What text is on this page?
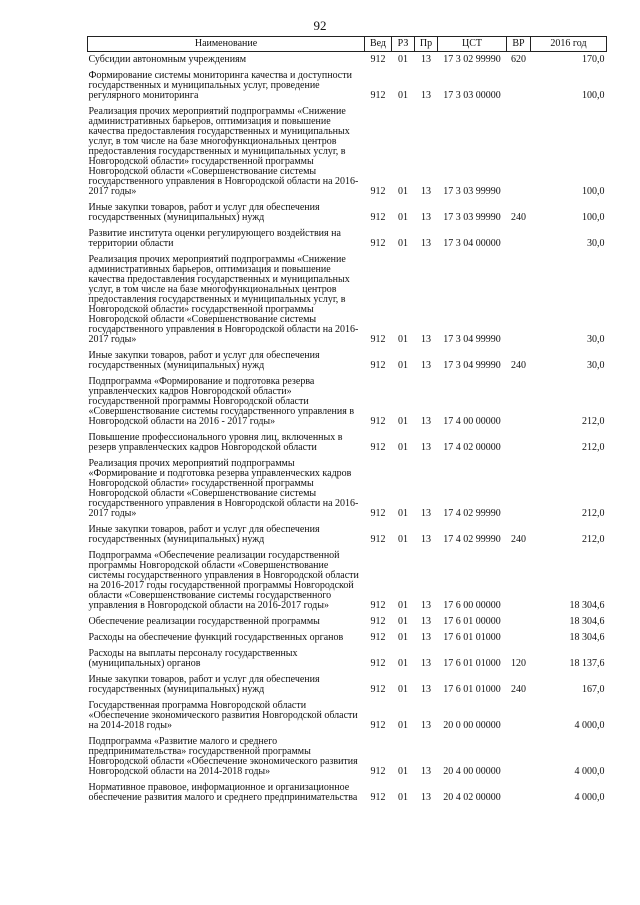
92
Наименование	Вед	РЗ	Пр	ЦСТ	ВР	2016 год
Субсидии автономным учреждениям	912	01	13	17 3 02 99990	620	170,0
Формирование системы мониторинга качества и доступности государственных и муниципальных услуг, проведение регулярного мониторинга	912	01	13	17 3 03 00000		100,0
Реализация прочих мероприятий подпрограммы «Снижение административных барьеров, оптимизация и повышение качества предоставления государственных и муниципальных услуг, в том числе на базе многофункциональных центров предоставления государственных и муниципальных услуг, в Новгородской области» государственной программы Новгородской области «Совершенствование системы государственного управления в Новгородской области на 2016-2017 годы»	912	01	13	17 3 03 99990		100,0
Иные закупки товаров, работ и услуг для обеспечения государственных (муниципальных) нужд	912	01	13	17 3 03 99990	240	100,0
Развитие института оценки регулирующего воздействия на территории области	912	01	13	17 3 04 00000		30,0
Реализация прочих мероприятий подпрограммы «Снижение административных барьеров, оптимизация и повышение качества предоставления государственных и муниципальных услуг, в том числе на базе многофункциональных центров предоставления государственных и муниципальных услуг, в Новгородской области» государственной программы Новгородской области «Совершенствование системы государственного управления в Новгородской области на 2016-2017 годы»	912	01	13	17 3 04 99990		30,0
Иные закупки товаров, работ и услуг для обеспечения государственных (муниципальных) нужд	912	01	13	17 3 04 99990	240	30,0
Подпрограмма «Формирование и подготовка резерва управленческих кадров Новгородской области» государственной программы Новгородской области «Совершенствование системы государственного управления в Новгородской области на 2016 - 2017 годы»	912	01	13	17 4 00 00000		212,0
Повышение профессионального уровня лиц, включенных в резерв управленческих кадров Новгородской области	912	01	13	17 4 02 00000		212,0
Реализация прочих мероприятий подпрограммы «Формирование и подготовка резерва управленческих кадров Новгородской области» государственной программы Новгородской области «Совершенствование системы государственного управления в Новгородской области на 2016-2017 годы»	912	01	13	17 4 02 99990		212,0
Иные закупки товаров, работ и услуг для обеспечения государственных (муниципальных) нужд	912	01	13	17 4 02 99990	240	212,0
Подпрограмма «Обеспечение реализации государственной программы Новгородской области «Совершенствование системы государственного управления в Новгородской области на 2016-2017 годы государственной программы Новгородской области «Совершенствование системы государственного управления в Новгородской области на 2016-2017 годы»	912	01	13	17 6 00 00000		18 304,6
Обеспечение реализации государственной программы	912	01	13	17 6 01 00000		18 304,6
Расходы на обеспечение функций государственных органов	912	01	13	17 6 01 01000		18 304,6
Расходы на выплаты персоналу государственных (муниципальных) органов	912	01	13	17 6 01 01000	120	18 137,6
Иные закупки товаров, работ и услуг для обеспечения государственных (муниципальных) нужд	912	01	13	17 6 01 01000	240	167,0
Государственная программа Новгородской области «Обеспечение экономического развития Новгородской области на 2014-2018 годы»	912	01	13	20 0 00 00000		4 000,0
Подпрограмма «Развитие малого и среднего предпринимательства» государственной программы Новгородской области «Обеспечение экономического развития Новгородской области на 2014-2018 годы»	912	01	13	20 4 00 00000		4 000,0
Нормативное правовое, информационное и организационное обеспечение развития малого и среднего предпринимательства	912	01	13	20 4 02 00000		4 000,0
